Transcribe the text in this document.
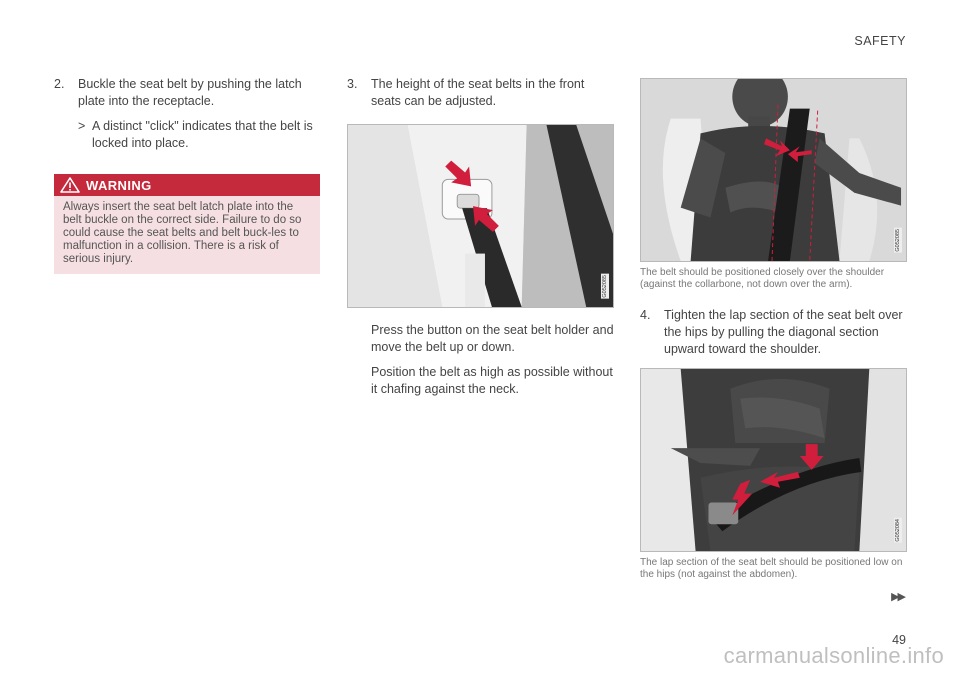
SAFETY
2.	Buckle the seat belt by pushing the latch plate into the receptacle.
> A distinct "click" indicates that the belt is locked into place.
WARNING
Always insert the seat belt latch plate into the belt buckle on the correct side. Failure to do so could cause the seat belts and belt buck-les to malfunction in a collision. There is a risk of serious injury.
3.	The height of the seat belts in the front seats can be adjusted.
G052085

Press the button on the seat belt holder and move the belt up or down.

Position the belt as high as possible without it chafing against the neck.

G052085

The belt should be positioned closely over the shoulder (against the collarbone, not down over the arm).

4.	Tighten the lap section of the seat belt over the hips by pulling the diagonal section upward toward the shoulder.
G052084

The lap section of the seat belt should be positioned low on the hips (not against the abdomen).

▶▶
49
carmanualsonline.info
